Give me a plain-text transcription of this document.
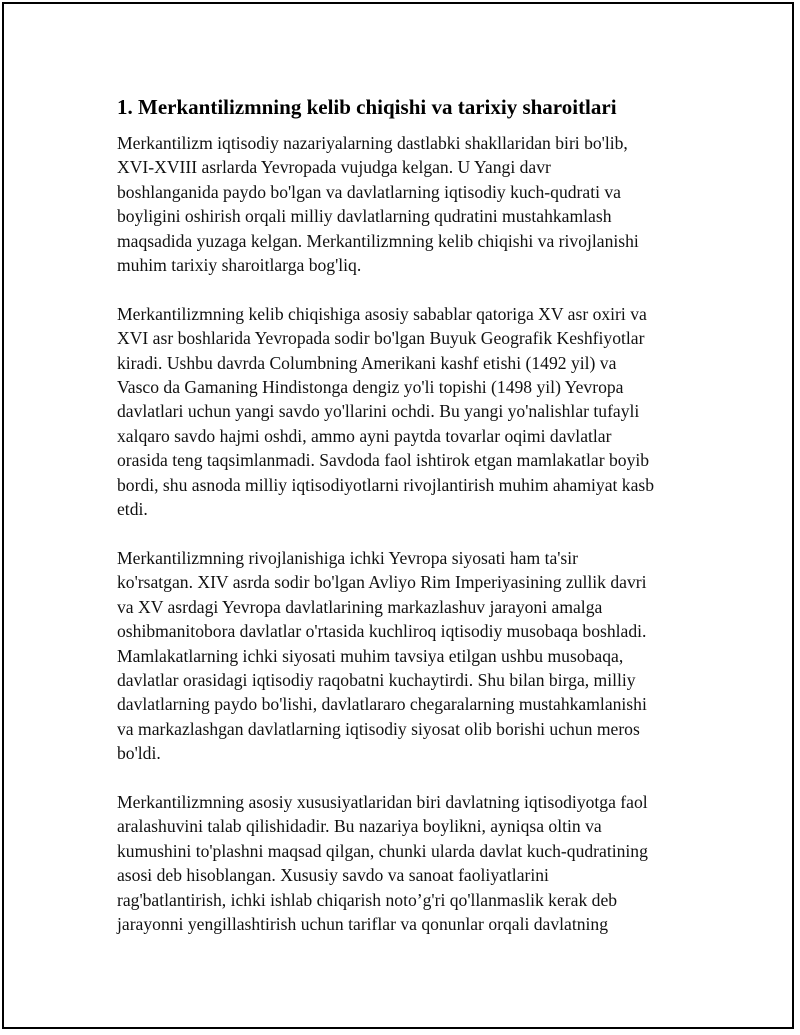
1. Merkantilizmning kelib chiqishi va tarixiy sharoitlari

Merkantilizm iqtisodiy nazariyalarning dastlabki shakllaridan biri bo'lib,
XVI-XVIII asrlarda Yevropada vujudga kelgan. U Yangi davr
boshlanganida paydo bo'lgan va davlatlarning iqtisodiy kuch-qudrati va
boyligini oshirish orqali milliy davlatlarning qudratini mustahkamlash
maqsadida yuzaga kelgan. Merkantilizmning kelib chiqishi va rivojlanishi
muhim tarixiy sharoitlarga bog'liq.

Merkantilizmning kelib chiqishiga asosiy sabablar qatoriga XV asr oxiri va
XVI asr boshlarida Yevropada sodir bo'lgan Buyuk Geografik Keshfiyotlar
kiradi. Ushbu davrda Columbning Amerikani kashf etishi (1492 yil) va
Vasco da Gamaning Hindistonga dengiz yo'li topishi (1498 yil) Yevropa
davlatlari uchun yangi savdo yo'llarini ochdi. Bu yangi yo'nalishlar tufayli
xalqaro savdo hajmi oshdi, ammo ayni paytda tovarlar oqimi davlatlar
orasida teng taqsimlanmadi. Savdoda faol ishtirok etgan mamlakatlar boyib
bordi, shu asnoda milliy iqtisodiyotlarni rivojlantirish muhim ahamiyat kasb
etdi.

Merkantilizmning rivojlanishiga ichki Yevropa siyosati ham ta'sir
ko'rsatgan. XIV asrda sodir bo'lgan Avliyo Rim Imperiyasining zullik davri
va XV asrdagi Yevropa davlatlarining markazlashuv jarayoni amalga
oshibmanitobora davlatlar o'rtasida kuchliroq iqtisodiy musobaqa boshladi.
Mamlakatlarning ichki siyosati muhim tavsiya etilgan ushbu musobaqa,
davlatlar orasidagi iqtisodiy raqobatni kuchaytirdi. Shu bilan birga, milliy
davlatlarning paydo bo'lishi, davlatlararo chegaralarning mustahkamlanishi
va markazlashgan davlatlarning iqtisodiy siyosat olib borishi uchun meros
bo'ldi.

Merkantilizmning asosiy xususiyatlaridan biri davlatning iqtisodiyotga faol
aralashuvini talab qilishidadir. Bu nazariya boylikni, ayniqsa oltin va
kumushini to'plashni maqsad qilgan, chunki ularda davlat kuch-qudratining
asosi deb hisoblangan. Xususiy savdo va sanoat faoliyatlarini
rag'batlantirish, ichki ishlab chiqarish noto’g'ri qo'llanmaslik kerak deb
jarayonni yengillashtirish uchun tariflar va qonunlar orqali davlatning
